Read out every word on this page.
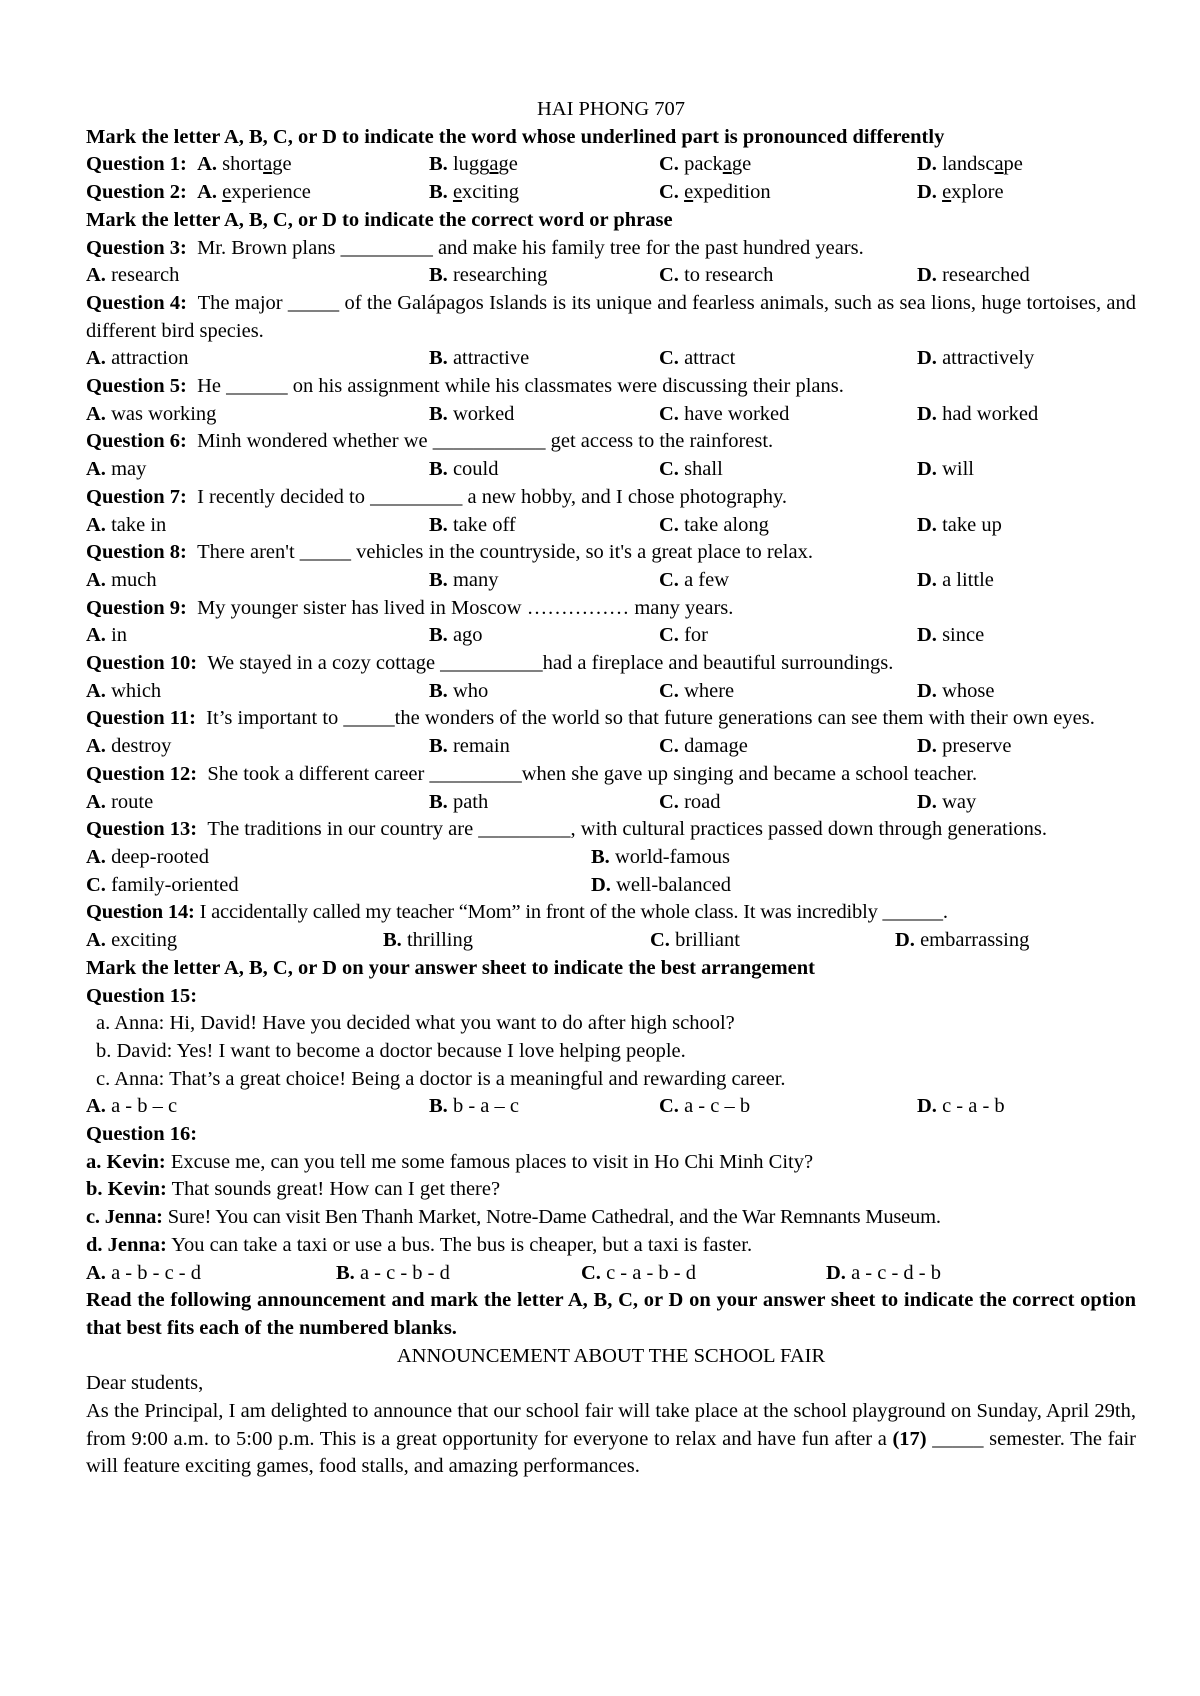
HAI PHONG 707
Mark the letter A, B, C, or D to indicate the word whose underlined part is pronounced differently
Question 1: A. shortage	B. luggage	C. package	D. landscape
Question 2: A. experience	B. exciting	C. expedition	D. explore
Mark the letter A, B, C, or D to indicate the correct word or phrase
Question 3: Mr. Brown plans _________ and make his family tree for the past hundred years.
A. research	B. researching	C. to research	D. researched
Question 4: The major _____ of the Galápagos Islands is its unique and fearless animals, such as sea lions, huge tortoises, and different bird species.
A. attraction	B. attractive	C. attract	D. attractively
Question 5: He ______ on his assignment while his classmates were discussing their plans.
A. was working	B. worked	C. have worked	D. had worked
Question 6: Minh wondered whether we ___________ get access to the rainforest.
A. may	B. could	C. shall	D. will
Question 7: I recently decided to _________ a new hobby, and I chose photography.
A. take in	B. take off	C. take along	D. take up
Question 8: There aren't _____ vehicles in the countryside, so it's a great place to relax.
A. much	B. many	C. a few	D. a little
Question 9: My younger sister has lived in Moscow …………… many years.
A. in	B. ago	C. for	D. since
Question 10: We stayed in a cozy cottage __________had a fireplace and beautiful surroundings.
A. which	B. who	C. where	D. whose
Question 11: It’s important to _____the wonders of the world so that future generations can see them with their own eyes.
A. destroy	B. remain	C. damage	D. preserve
Question 12: She took a different career _________when she gave up singing and became a school teacher.
A. route	B. path	C. road	D. way
Question 13: The traditions in our country are _________, with cultural practices passed down through generations.
A. deep-rooted	B. world-famous
C. family-oriented	D. well-balanced
Question 14: I accidentally called my teacher “Mom” in front of the whole class. It was incredibly ______.
A. exciting	B. thrilling	C. brilliant	D. embarrassing
Mark the letter A, B, C, or D on your answer sheet to indicate the best arrangement
Question 15:
a. Anna: Hi, David! Have you decided what you want to do after high school?
b. David: Yes! I want to become a doctor because I love helping people.
c. Anna: That’s a great choice! Being a doctor is a meaningful and rewarding career.
A. a - b – c	B. b - a – c	C. a - c – b	D. c - a - b
Question 16:
a. Kevin: Excuse me, can you tell me some famous places to visit in Ho Chi Minh City?
b. Kevin: That sounds great! How can I get there?
c. Jenna: Sure! You can visit Ben Thanh Market, Notre-Dame Cathedral, and the War Remnants Museum.
d. Jenna: You can take a taxi or use a bus. The bus is cheaper, but a taxi is faster.
A. a - b - c - d	B. a - c - b - d	C. c - a - b - d	D. a - c - d - b
Read the following announcement and mark the letter A, B, C, or D on your answer sheet to indicate the correct option that best fits each of the numbered blanks.
ANNOUNCEMENT ABOUT THE SCHOOL FAIR
Dear students,
As the Principal, I am delighted to announce that our school fair will take place at the school playground on Sunday, April 29th, from 9:00 a.m. to 5:00 p.m. This is a great opportunity for everyone to relax and have fun after a (17) _____ semester. The fair will feature exciting games, food stalls, and amazing performances.
